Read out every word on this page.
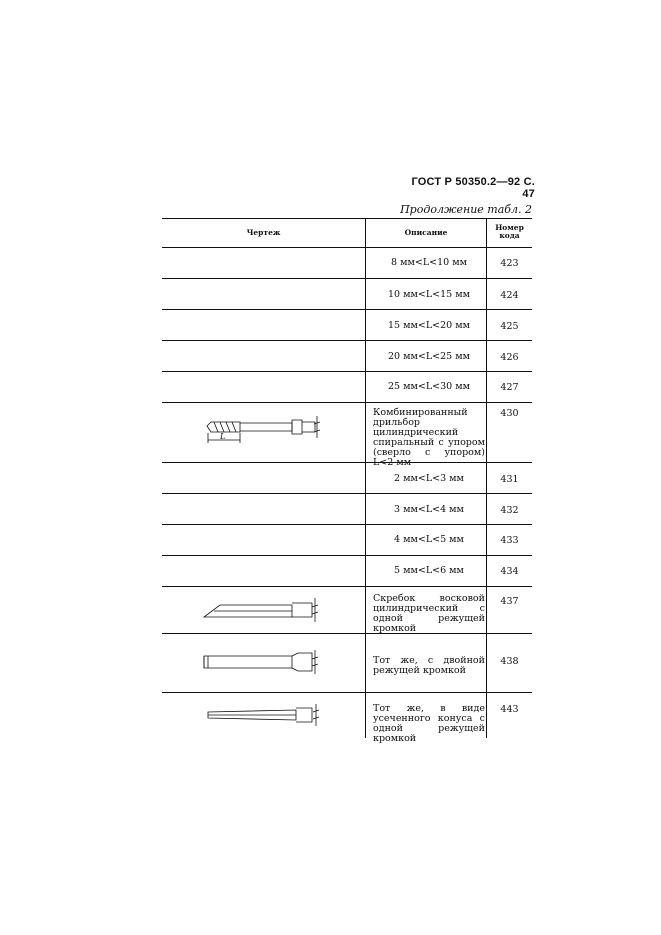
ГОСТ Р 50350.2—92 С. 47
Продолжение табл. 2
Чертеж	Описание
Номер
кода
8 мм<L<10 мм
10 мм<L<15 мм
15 мм<L<20 мм
20 мм<L<25 мм
25 мм<L<30 мм
Комбинированный дрильбор цилиндрический спиральный с упором (сверло с упором) L<2 мм
2 мм<L<3 мм
3 мм<L<4 мм
4 мм<L<5 мм
5 мм<L<6 мм
Скребок восковой цилиндрический с одной режущей кромкой
Тот же, с двойной режущей кромкой
Тот же, в виде усеченного конуса с одной режущей кромкой
423
424
425
426
427
430
431
432
433
434
437
438
443
L
